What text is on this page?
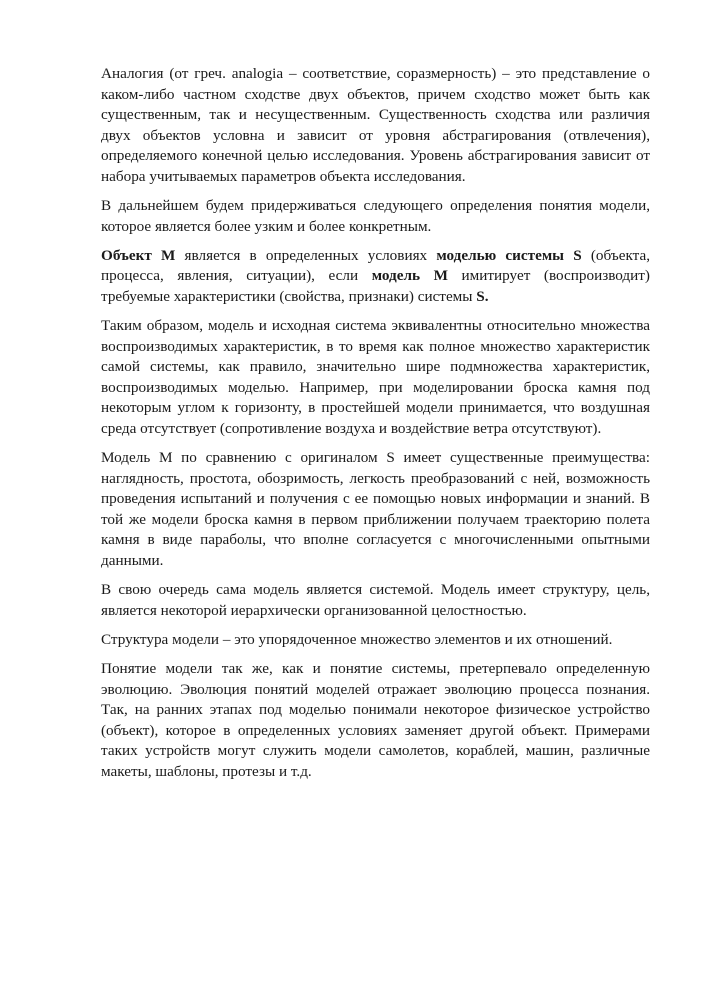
Аналогия (от греч. analogia – соответствие, соразмерность) – это представление о каком-либо частном сходстве двух объектов, причем сходство может быть как существенным, так и несущественным. Существенность сходства или различия двух объектов условна и зависит от уровня абстрагирования (отвлечения), определяемого конечной целью исследования. Уровень абстрагирования зависит от набора учитываемых параметров объекта исследования.

В дальнейшем будем придерживаться следующего определения понятия модели, которое является более узким и более конкретным.

Объект М является в определенных условиях моделью системы S (объекта, процесса, явления, ситуации), если модель М имитирует (воспроизводит) требуемые характеристики (свойства, признаки) системы S.

Таким образом, модель и исходная система эквивалентны относительно множества воспроизводимых характеристик, в то время как полное множество характеристик самой системы, как правило, значительно шире подмножества характеристик, воспроизводимых моделью. Например, при моделировании броска камня под некоторым углом к горизонту, в простейшей модели принимается, что воздушная среда отсутствует (сопротивление воздуха и воздействие ветра отсутствуют).

Модель М по сравнению с оригиналом S имеет существенные преимущества: наглядность, простота, обозримость, легкость преобразований с ней, возможность проведения испытаний и получения с ее помощью новых информации и знаний. В той же модели броска камня в первом приближении получаем траекторию полета камня в виде параболы, что вполне согласуется с многочисленными опытными данными.

В свою очередь сама модель является системой. Модель имеет структуру, цель, является некоторой иерархически организованной целостностью.

Структура модели – это упорядоченное множество элементов и их отношений.

Понятие модели так же, как и понятие системы, претерпевало определенную эволюцию. Эволюция понятий моделей отражает эволюцию процесса познания. Так, на ранних этапах под моделью понимали некоторое физическое устройство (объект), которое в определенных условиях заменяет другой объект. Примерами таких устройств могут служить модели самолетов, кораблей, машин, различные макеты, шаблоны, протезы и т.д.
